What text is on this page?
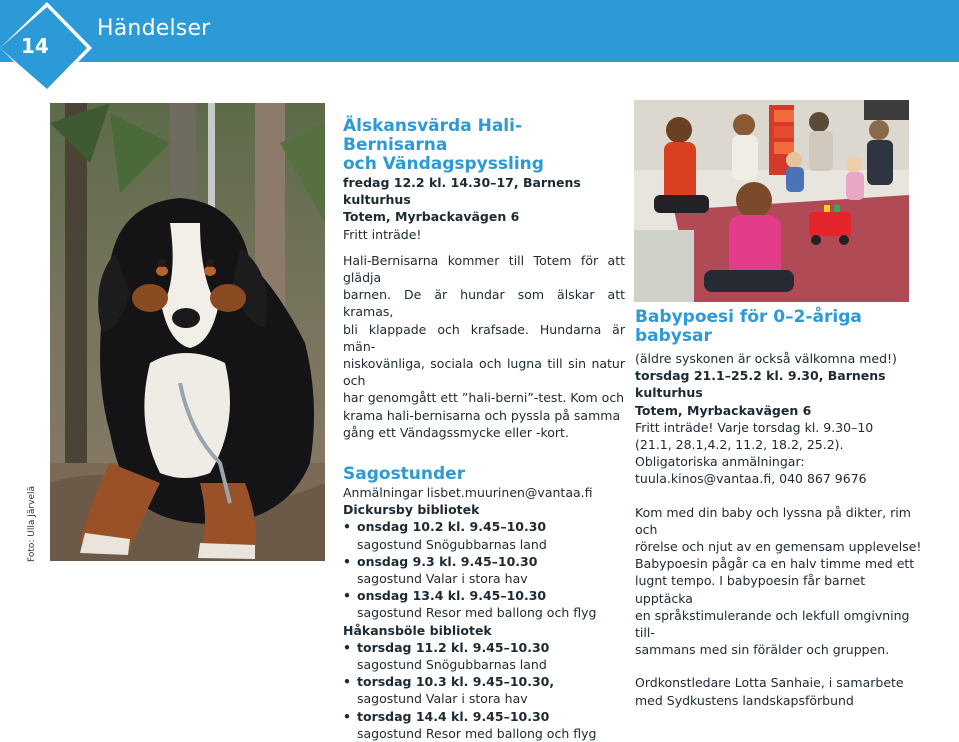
14
Händelser
Foto: Ulla Järvelä
Älskansvärda Hali-Bernisarna
och Vändagspyssling

fredag 12.2 kl. 14.30–17, Barnens kulturhus

Totem, Myrbackavägen 6

Fritt inträde!

Hali-Bernisarna kommer till Totem för att glädja

barnen. De är hundar som älskar att kramas,

bli klappade och krafsade. Hundarna är män-

niskovänliga, sociala och lugna till sin natur och

har genomgått ett ”hali-berni”-test. Kom och

krama hali-bernisarna och pyssla på samma

gång ett Vändagssmycke eller -kort.

Sagostunder

Anmälningar lisbet.muurinen@vantaa.fi

Dickursby bibliotek

• onsdag 10.2 kl. 9.45–10.30
sagostund Snögubbarnas land
• onsdag 9.3 kl. 9.45–10.30
sagostund Valar i stora hav
• onsdag 13.4 kl. 9.45–10.30
sagostund Resor med ballong och flyg

Håkansböle bibliotek

• torsdag 11.2 kl. 9.45–10.30
sagostund Snögubbarnas land
• torsdag 10.3 kl. 9.45–10.30,
sagostund Valar i stora hav
• torsdag 14.4 kl. 9.45–10.30
sagostund Resor med ballong och flyg
Babypoesi för 0–2-åriga
babysar

(äldre syskonen är också välkomna med!)

torsdag 21.1–25.2 kl. 9.30, Barnens kulturhus

Totem, Myrbackavägen 6

Fritt inträde! Varje torsdag kl. 9.30–10

(21.1, 28.1,4.2, 11.2, 18.2, 25.2).

Obligatoriska anmälningar:

tuula.kinos@vantaa.fi, 040 867 9676

Kom med din baby och lyssna på dikter, rim och

rörelse och njut av en gemensam upplevelse!

Babypoesin pågår ca en halv timme med ett

lugnt tempo. I babypoesin får barnet upptäcka

en språkstimulerande och lekfull omgivning till-

sammans med sin förälder och gruppen.

Ordkonstledare Lotta Sanhaie, i samarbete

med Sydkustens landskapsförbund
